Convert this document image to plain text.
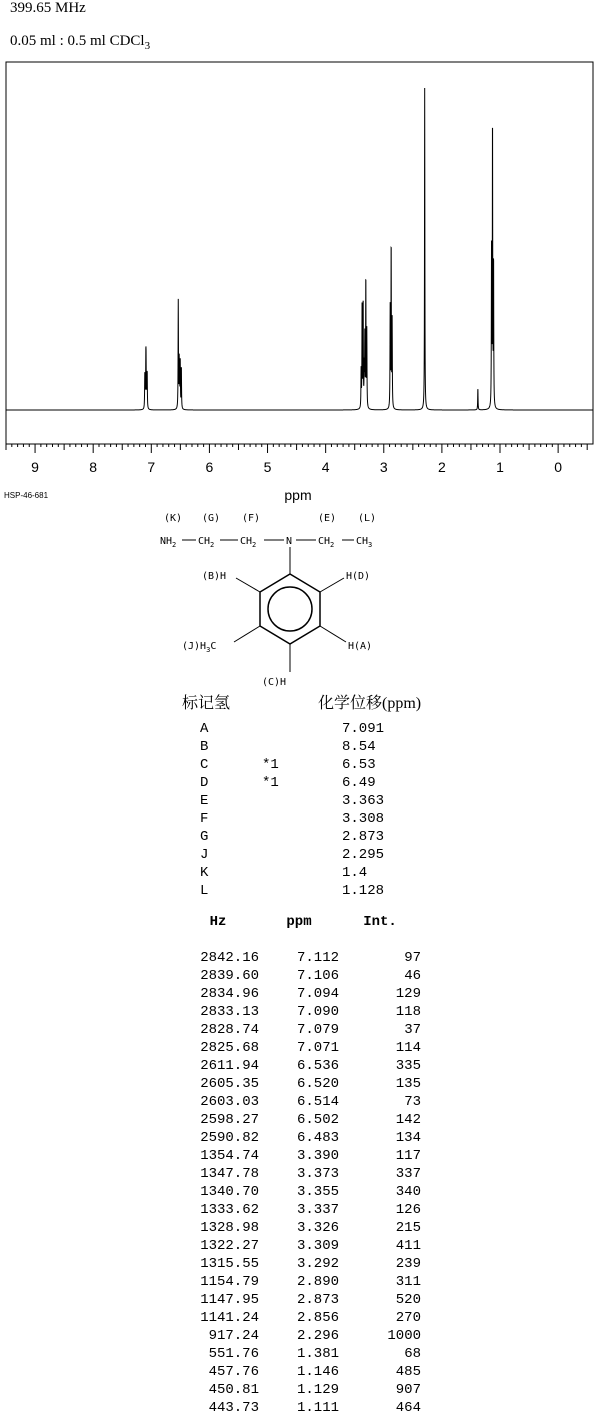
399.65 MHz
0.05 ml : 0.5 ml CDCl$_3$
9	8	7	6	5	4	3	2	1	0
ppm
HSP-46-681
(K) (G) (F)	(E) (L)
$NH_2$ $CH_2$	$CH_2$	N	$CH_2$ $CH_3$
(B)H	H(D)
$(J)H_3C$	H(A)
(C)H
标记氢	化学位移(ppm)
A		7.091
B		8.54
C	*1	6.53
D	*1	6.49
E		3.363
F		3.308
G		2.873
J		2.295
K		1.4
L		1.128
Hz	ppm	Int.

2842.16	7.112	97
2839.60	7.106	46
2834.96	7.094	129
2833.13	7.090	118
2828.74	7.079	37
2825.68	7.071	114
2611.94	6.536	335
2605.35	6.520	135
2603.03	6.514	73
2598.27	6.502	142
2590.82	6.483	134
1354.74	3.390	117
1347.78	3.373	337
1340.70	3.355	340
1333.62	3.337	126
1328.98	3.326	215
1322.27	3.309	411
1315.55	3.292	239
1154.79	2.890	311
1147.95	2.873	520
1141.24	2.856	270
917.24	2.296	1000
551.76	1.381	68
457.76	1.146	485
450.81	1.129	907
443.73	1.111	464
